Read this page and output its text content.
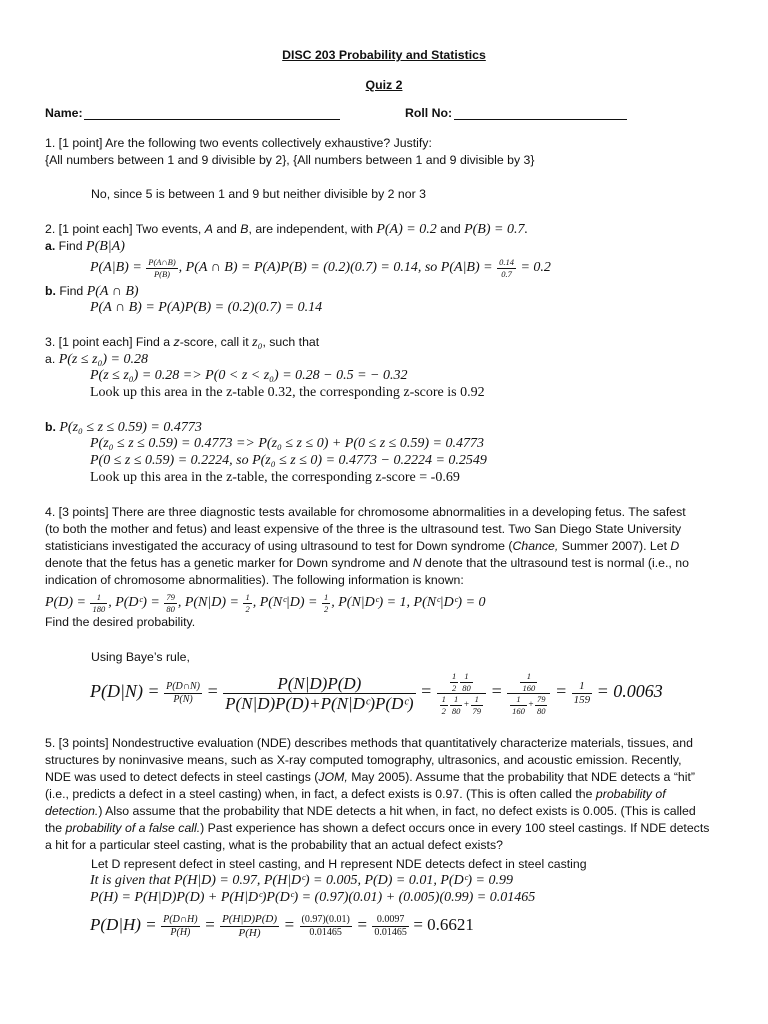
DISC 203 Probability and Statistics
Quiz 2
Name:	Roll No:
1. [1 point] Are the following two events collectively exhaustive? Justify:
{All numbers between 1 and 9 divisible by 2}, {All numbers between 1 and 9 divisible by 3}
No, since 5 is between 1 and 9 but neither divisible by 2 nor 3
2. [1 point each] Two events, A and B, are independent, with P(A) = 0.2 and P(B) = 0.7.
a. Find P(B|A)
$P(A|B) = \frac{P(A\cap B)}{P(B)}$ , P(A ∩ B) = P(A)P(B) = (0.2)(0.7) = 0.14, so $P(A|B) = \frac{0.14}{0.7} = 0.2$
b. Find P(A ∩ B)
P(A ∩ B) = P(A)P(B) = (0.2)(0.7) = 0.14
3. [1 point each] Find a z-score, call it z₀, such that
a. P(z ≤ z₀) = 0.28
P(z ≤ z₀) = 0.28 => P(0 < z < z₀) = 0.28 − 0.5 = − 0.32
Look up this area in the z-table 0.32, the corresponding z-score is 0.92
b. P(z₀ ≤ z ≤ 0.59) = 0.4773
P(z₀ ≤ z ≤ 0.59) = 0.4773 => P(z₀ ≤ z ≤ 0) + P(0 ≤ z ≤ 0.59) = 0.4773
P(0 ≤ z ≤ 0.59) = 0.2224, so P(z₀ ≤ z ≤ 0) = 0.4773 − 0.2224 = 0.2549
Look up this area in the z-table, the corresponding z-score = -0.69
4. [3 points] There are three diagnostic tests available for chromosome abnormalities in a developing fetus. The safest
(to both the mother and fetus) and least expensive of the three is the ultrasound test. Two San Diego State University
statisticians investigated the accuracy of using ultrasound to test for Down syndrome (Chance, Summer 2007). Let D
denote that the fetus has a genetic marker for Down syndrome and N denote that the ultrasound test is normal (i.e., no
indication of chromosome abnormalities). The following information is known:
$P(D) = \frac{1}{180}$ , P(Dᶜ) = $\frac{79}{80}$ , $P(N|D) = \frac{1}{2}$ , P(Nᶜ|D) = $\frac{1}{2}$ , P(N|Dᶜ) = 1, P(Nᶜ|Dᶜ) = 0
Find the desired probability.
Using Baye’s rule,
$P(D|N) = \frac{P(D\cap N)}{P(N)} = \frac{P(N|D)P(D)}{\text{P(N|D)P(D)+P(N|Dᶜ)P(Dᶜ)}} = \frac{\frac{1}{2} \frac{1}{80}}{\frac{1}{2} \frac{1}{80} + \frac{1}{79}} = \frac{\frac{1}{160}}{\frac{1}{160} + \frac{79}{80}} = \frac{1}{159} = 0.0063$
5. [3 points] Nondestructive evaluation (NDE) describes methods that quantitatively characterize materials, tissues, and
structures by noninvasive means, such as X-ray computed tomography, ultrasonics, and acoustic emission. Recently,
NDE was used to detect defects in steel castings (JOM, May 2005). Assume that the probability that NDE detects a “hit”
(i.e., predicts a defect in a steel casting) when, in fact, a defect exists is 0.97. (This is often called the probability of
detection.) Also assume that the probability that NDE detects a hit when, in fact, no defect exists is 0.005. (This is called
the probability of a false call.) Past experience has shown a defect occurs once in every 100 steel castings. If NDE detects
a hit for a particular steel casting, what is the probability that an actual defect exists?
Let D represent defect in steel casting, and H represent NDE detects defect in steel casting
It is given that P(H|D) = 0.97, P(H|Dᶜ) = 0.005, P(D) = 0.01, P(Dᶜ) = 0.99
P(H) = P(H|D)P(D) + P(H|Dᶜ)P(Dᶜ) = (0.97)(0.01) + (0.005)(0.99) = 0.01465
$P(D|H) = \frac{P(D\cap H)}{P(H)} = \frac{P(H|D)P(D)}{P(H)} = \frac{(0.97)(0.01)}{0.01465} = \frac{0.0097}{0.01465} = 0.6621$
